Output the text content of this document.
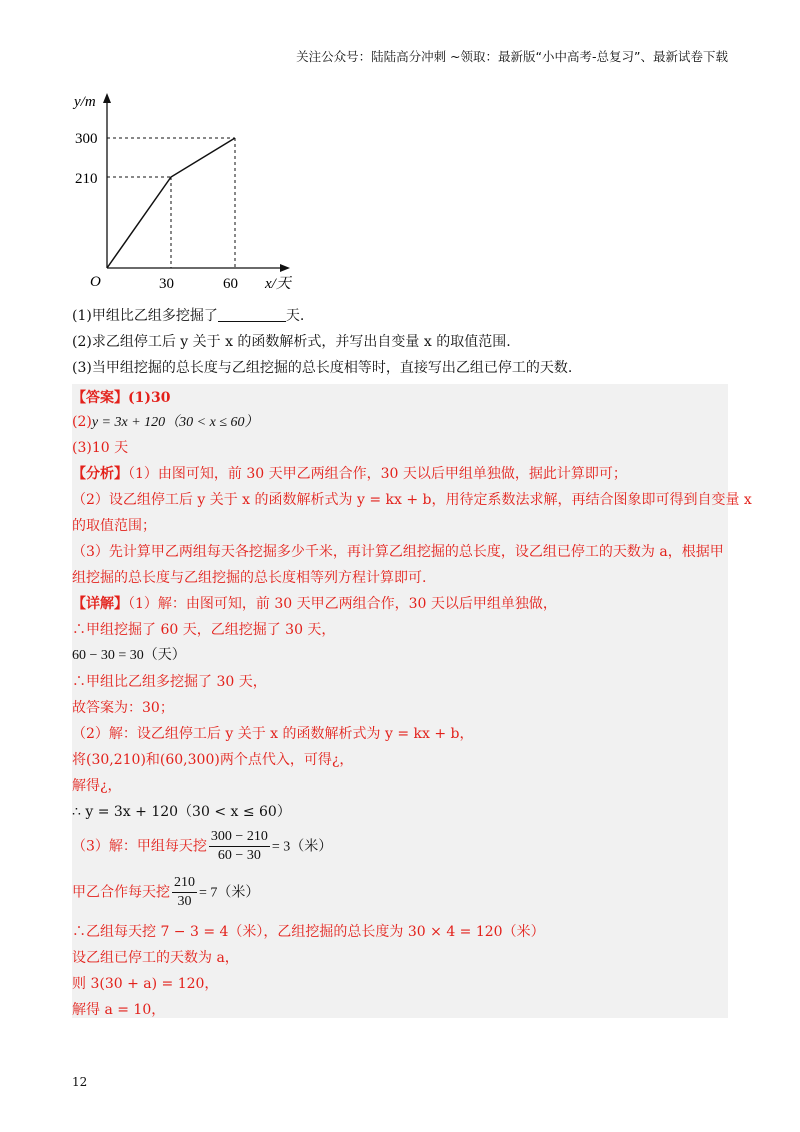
关注公众号：陆陆高分冲刺 ~领取：最新版“小中高考-总复习”、最新试卷下载
y/m
x/天
O
300
210
30	60
(1)甲组比乙组多挖掘了	天.
(2)求乙组停工后 y 关于 x 的函数解析式，并写出自变量 x 的取值范围.
(3)当甲组挖掘的总长度与乙组挖掘的总长度相等时，直接写出乙组已停工的天数.
【答案】(1)30
(2)y = 3x + 120（30 < x ≤ 60）
(3)10 天
【分析】（1）由图可知，前 30 天甲乙两组合作，30 天以后甲组单独做，据此计算即可；
（2）设乙组停工后 y 关于 x 的函数解析式为 y = kx + b，用待定系数法求解，再结合图象即可得到自变量 x
的取值范围；
（3）先计算甲乙两组每天各挖掘多少千米，再计算乙组挖掘的总长度，设乙组已停工的天数为 a，根据甲
组挖掘的总长度与乙组挖掘的总长度相等列方程计算即可.
【详解】（1）解：由图可知，前 30 天甲乙两组合作，30 天以后甲组单独做，
∴甲组挖掘了 60 天，乙组挖掘了 30 天，
60 − 30 = 30（天）
∴甲组比乙组多挖掘了 30 天，
故答案为：30；
（2）解：设乙组停工后 y 关于 x 的函数解析式为 y = kx + b，
将(30,210)和(60,300)两个点代入，可得¿，
解得¿，
∴ y = 3x + 120（30 < x ≤ 60）
（3）解：甲组每天挖 $\frac{300 - 210}{60 - 30} = 3$（米）
甲乙合作每天挖 $\frac{210}{30} = 7$（米）
∴乙组每天挖 7 − 3 = 4（米），乙组挖掘的总长度为 30 × 4 = 120（米）
设乙组已停工的天数为 a，
则 3(30 + a) = 120，
解得 a = 10，
12
